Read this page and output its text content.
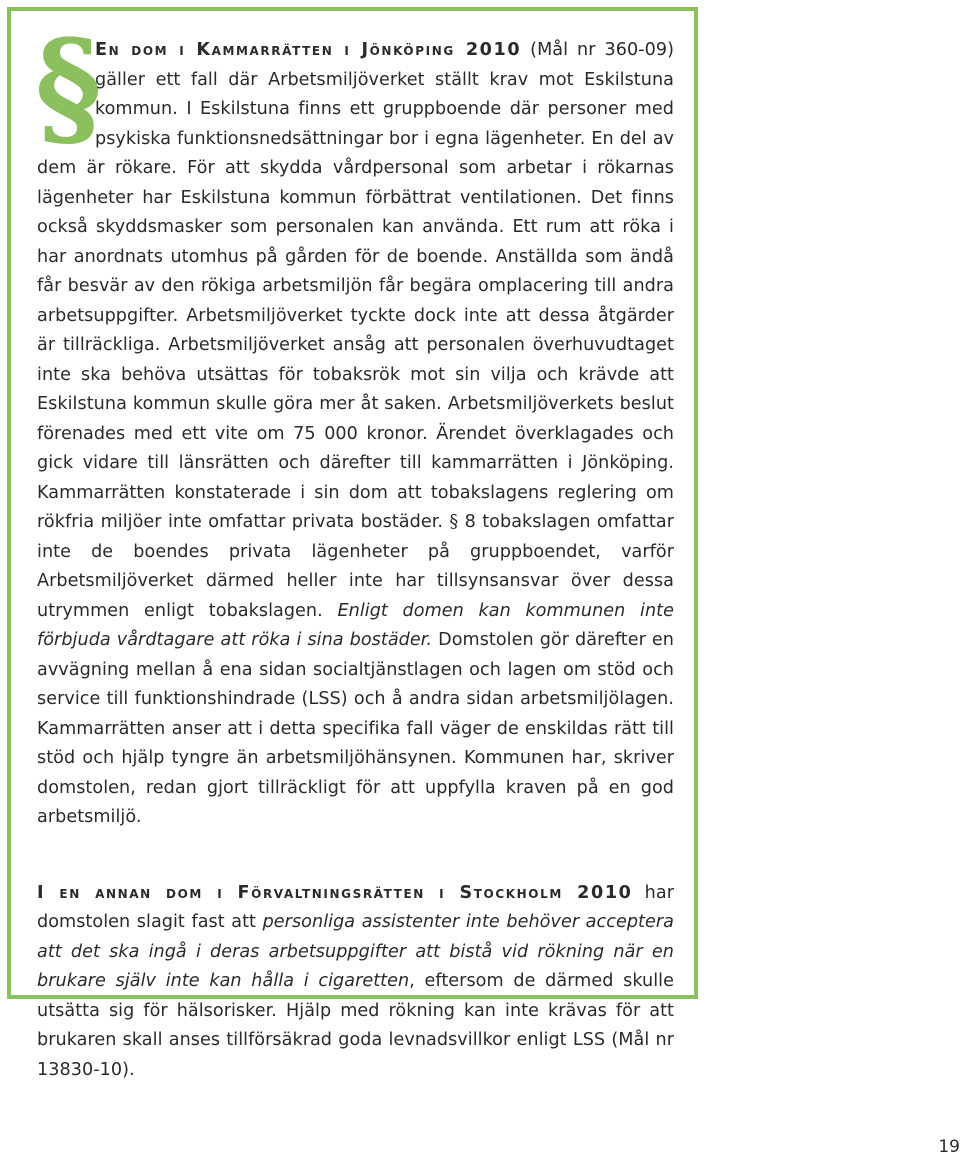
§
En dom i Kammarrätten i Jönköping 2010 (Mål nr 360-09) gäller ett fall där Arbetsmiljöverket ställt krav mot Eskilstuna kommun. I Eskilstuna finns ett gruppboende där personer med psykiska funktionsnedsättningar bor i egna lägenheter. En del av dem är rökare. För att skydda vårdpersonal som arbetar i rökarnas lägenheter har Eskilstuna kommun förbättrat ventilationen. Det finns också skyddsmasker som personalen kan använda. Ett rum att röka i har anordnats utomhus på gården för de boende. Anställda som ändå får besvär av den rökiga arbetsmiljön får begära omplacering till andra arbetsuppgifter. Arbetsmiljöverket tyckte dock inte att dessa åtgärder är tillräckliga. Arbetsmiljöverket ansåg att personalen överhuvudtaget inte ska behöva utsättas för tobaksrök mot sin vilja och krävde att Eskilstuna kommun skulle göra mer åt saken. Arbetsmiljöverkets beslut förenades med ett vite om 75 000 kronor. Ärendet överklagades och gick vidare till länsrätten och därefter till kammarrätten i Jönköping. Kammarrätten konstaterade i sin dom att tobakslagens reglering om rökfria miljöer inte omfattar privata bostäder. § 8 tobakslagen omfattar inte de boendes privata lägenheter på gruppboendet, varför Arbetsmiljöverket därmed heller inte har tillsynsansvar över dessa utrymmen enligt tobakslagen. Enligt domen kan kommunen inte förbjuda vårdtagare att röka i sina bostäder. Domstolen gör därefter en avvägning mellan å ena sidan socialtjänstlagen och lagen om stöd och service till funktionshindrade (LSS) och å andra sidan arbetsmiljölagen. Kammarrätten anser att i detta specifika fall väger de enskildas rätt till stöd och hjälp tyngre än arbetsmiljöhänsynen. Kommunen har, skriver domstolen, redan gjort tillräckligt för att uppfylla kraven på en god arbetsmiljö.

I en annan dom i Förvaltningsrätten i Stockholm 2010 har domstolen slagit fast att personliga assistenter inte behöver acceptera att det ska ingå i deras arbetsuppgifter att bistå vid rökning när en brukare själv inte kan hålla i cigaretten, eftersom de därmed skulle utsätta sig för hälsorisker. Hjälp med rökning kan inte krävas för att brukaren skall anses tillförsäkrad goda levnadsvillkor enligt LSS (Mål nr 13830-10).

19
